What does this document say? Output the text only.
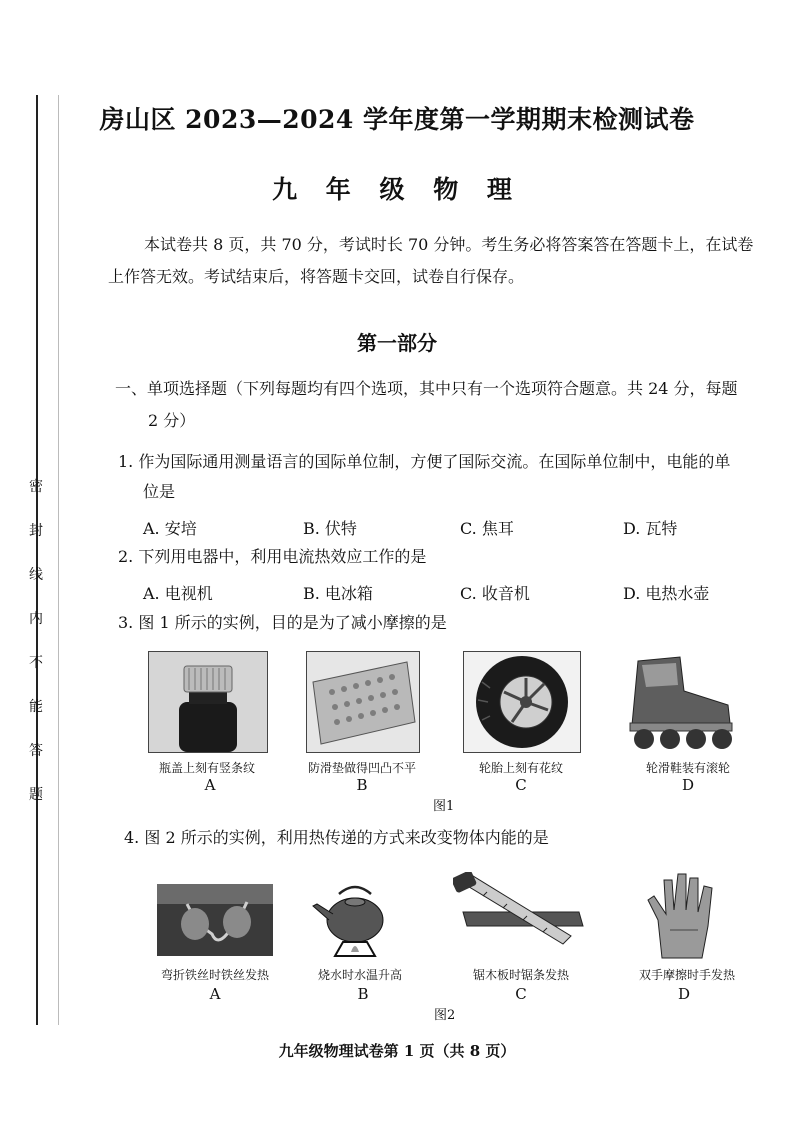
密
封
线
内
不
能
答
题
房山区 2023—2024 学年度第一学期期末检测试卷
九 年 级 物 理
本试卷共 8 页，共 70 分，考试时长 70 分钟。考生务必将答案答在答题卡上，在试卷上作答无效。考试结束后，将答题卡交回，试卷自行保存。
第一部分
一、单项选择题（下列每题均有四个选项，其中只有一个选项符合题意。共 24 分，每题
2 分）
1. 作为国际通用测量语言的国际单位制，方便了国际交流。在国际单位制中，电能的单
位是
A. 安培	B. 伏特	C. 焦耳	D. 瓦特
2. 下列用电器中，利用电流热效应工作的是
A. 电视机	B. 电冰箱	C. 收音机	D. 电热水壶
3. 图 1 所示的实例，目的是为了减小摩擦的是
瓶盖上刻有竖条纹
A
防滑垫做得凹凸不平
B
轮胎上刻有花纹
C
轮滑鞋装有滚轮
D
图1
4. 图 2 所示的实例，利用热传递的方式来改变物体内能的是
弯折铁丝时铁丝发热
A
烧水时水温升高
B
锯木板时锯条发热
C
双手摩擦时手发热
D
图2
九年级物理试卷第 1 页（共 8 页）
